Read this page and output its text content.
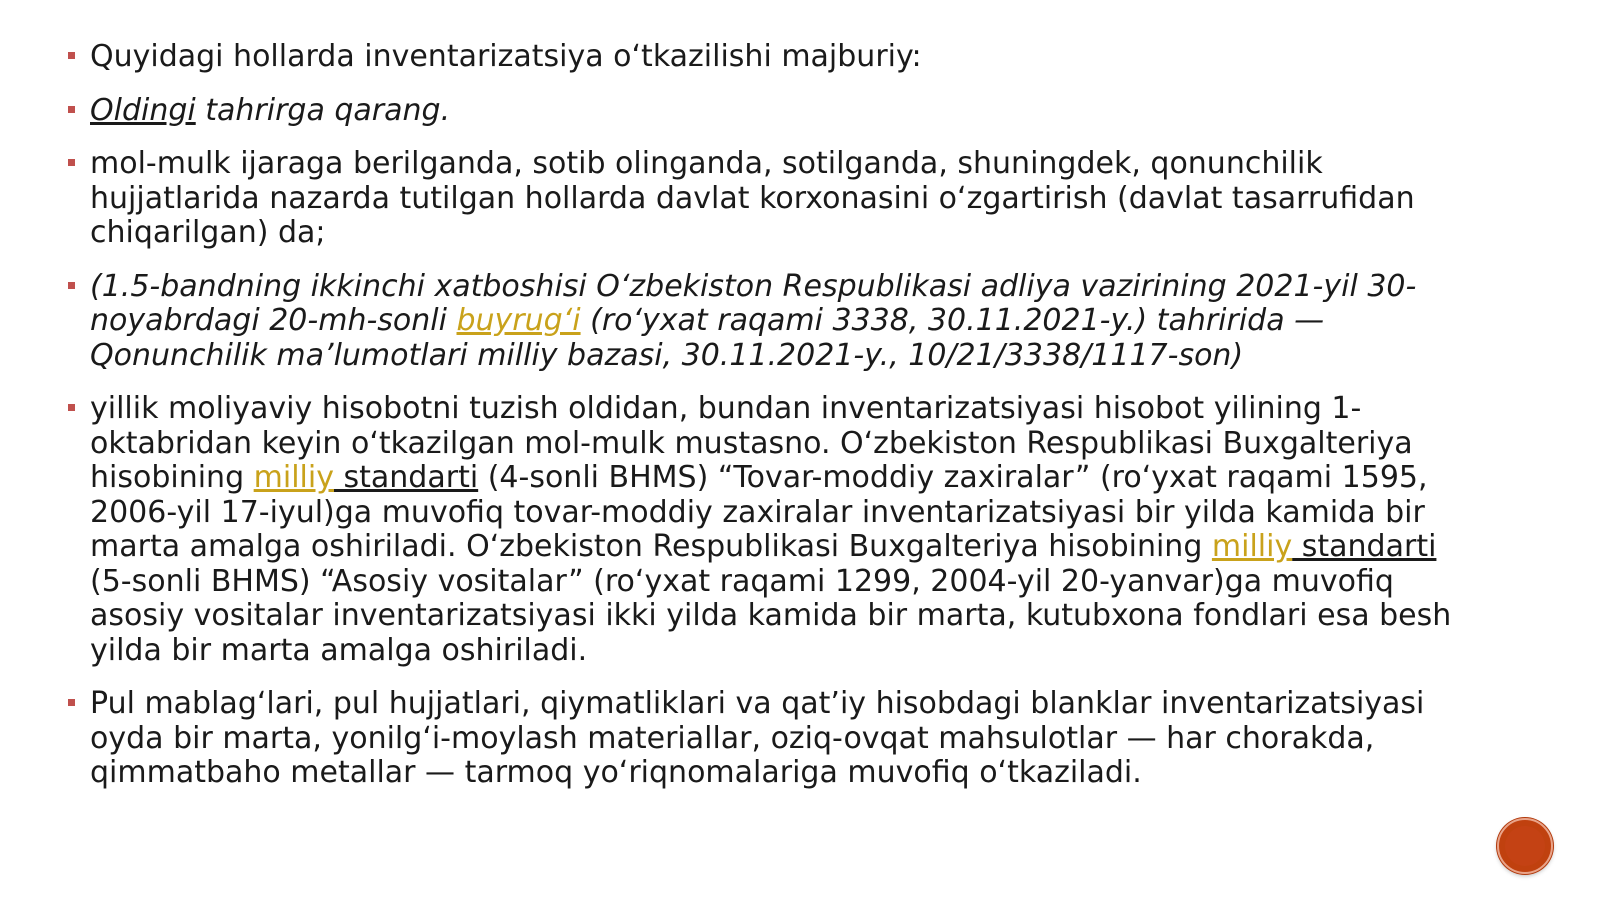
Quyidagi hollarda inventarizatsiya o‘tkazilishi majburiy:
Oldingi tahrirga qarang.
mol-mulk ijaraga berilganda, sotib olinganda, sotilganda, shuningdek, qonunchilik hujjatlarida nazarda tutilgan hollarda davlat korxonasini o‘zgartirish (davlat tasarrufidan chiqarilgan) da;
(1.5-bandning ikkinchi xatboshisi O‘zbekiston Respublikasi adliya vazirining 2021-yil 30-noyabrdagi 20-mh-sonli buyrug‘i (ro‘yxat raqami 3338, 30.11.2021-y.) tahririda — Qonunchilik ma’lumotlari milliy bazasi, 30.11.2021-y., 10/21/3338/1117-son)
yillik moliyaviy hisobotni tuzish oldidan, bundan inventarizatsiyasi hisobot yilining 1-oktabridan keyin o‘tkazilgan mol-mulk mustasno. O‘zbekiston Respublikasi Buxgalteriya hisobining milliy standarti (4-sonli BHMS) “Tovar-moddiy zaxiralar” (ro‘yxat raqami 1595, 2006-yil 17-iyul)ga muvofiq tovar-moddiy zaxiralar inventarizatsiyasi bir yilda kamida bir marta amalga oshiriladi. O‘zbekiston Respublikasi Buxgalteriya hisobining milliy standarti (5-sonli BHMS) “Asosiy vositalar” (ro‘yxat raqami 1299, 2004-yil 20-yanvar)ga muvofiq asosiy vositalar inventarizatsiyasi ikki yilda kamida bir marta, kutubxona fondlari esa besh yilda bir marta amalga oshiriladi.
Pul mablag‘lari, pul hujjatlari, qiymatliklari va qat’iy hisobdagi blanklar inventarizatsiyasi oyda bir marta, yonilg‘i-moylash materiallar, oziq-ovqat mahsulotlar — har chorakda, qimmatbaho metallar — tarmoq yo‘riqnomalariga muvofiq o‘tkaziladi.
